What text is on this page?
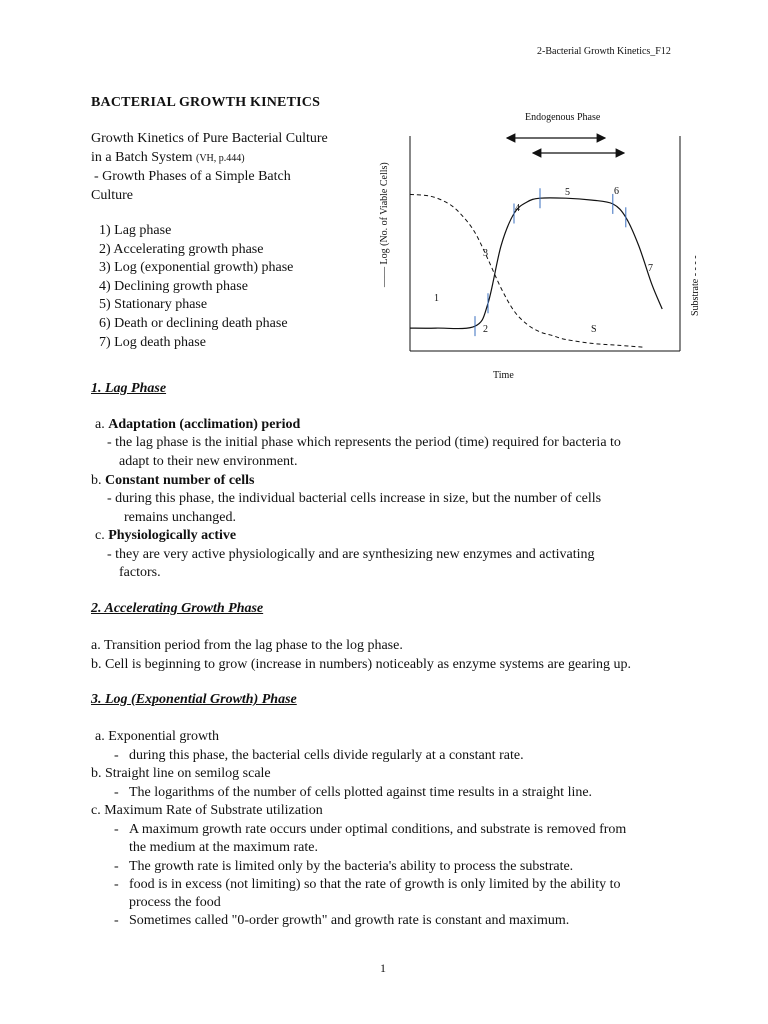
2-Bacterial Growth Kinetics_F12
BACTERIAL GROWTH KINETICS
Growth Kinetics of Pure Bacterial Culture
in a Batch System (VH, p.444)
- Growth Phases of a Simple Batch
Culture
1) Lag phase
2) Accelerating growth phase
3) Log (exponential growth) phase
4) Declining growth phase
5) Stationary phase
6) Death or declining death phase
7) Log death phase
Endogenous Phase
—— Log (No. of Viable Cells)	Substrate - - - -
Time
1
2
3
4
5	6
7
S
1. Lag Phase
a. Adaptation (acclimation) period
- the lag phase is the initial phase which represents the period (time) required for bacteria to
adapt to their new environment.
b. Constant number of cells
- during this phase, the individual bacterial cells increase in size, but the number of cells
remains unchanged.
c. Physiologically active
- they are very active physiologically and are synthesizing new enzymes and activating
factors.
2. Accelerating Growth Phase
a. Transition period from the lag phase to the log phase.
b. Cell is beginning to grow (increase in numbers) noticeably as enzyme systems are gearing up.
3. Log (Exponential Growth) Phase
a. Exponential growth
- during this phase, the bacterial cells divide regularly at a constant rate.
b. Straight line on semilog scale
- The logarithms of the number of cells plotted against time results in a straight line.
c. Maximum Rate of Substrate utilization
- A maximum growth rate occurs under optimal conditions, and substrate is removed from
the medium at the maximum rate.
- The growth rate is limited only by the bacteria's ability to process the substrate.
- food is in excess (not limiting) so that the rate of growth is only limited by the ability to
process the food
- Sometimes called "0-order growth" and growth rate is constant and maximum.
1
